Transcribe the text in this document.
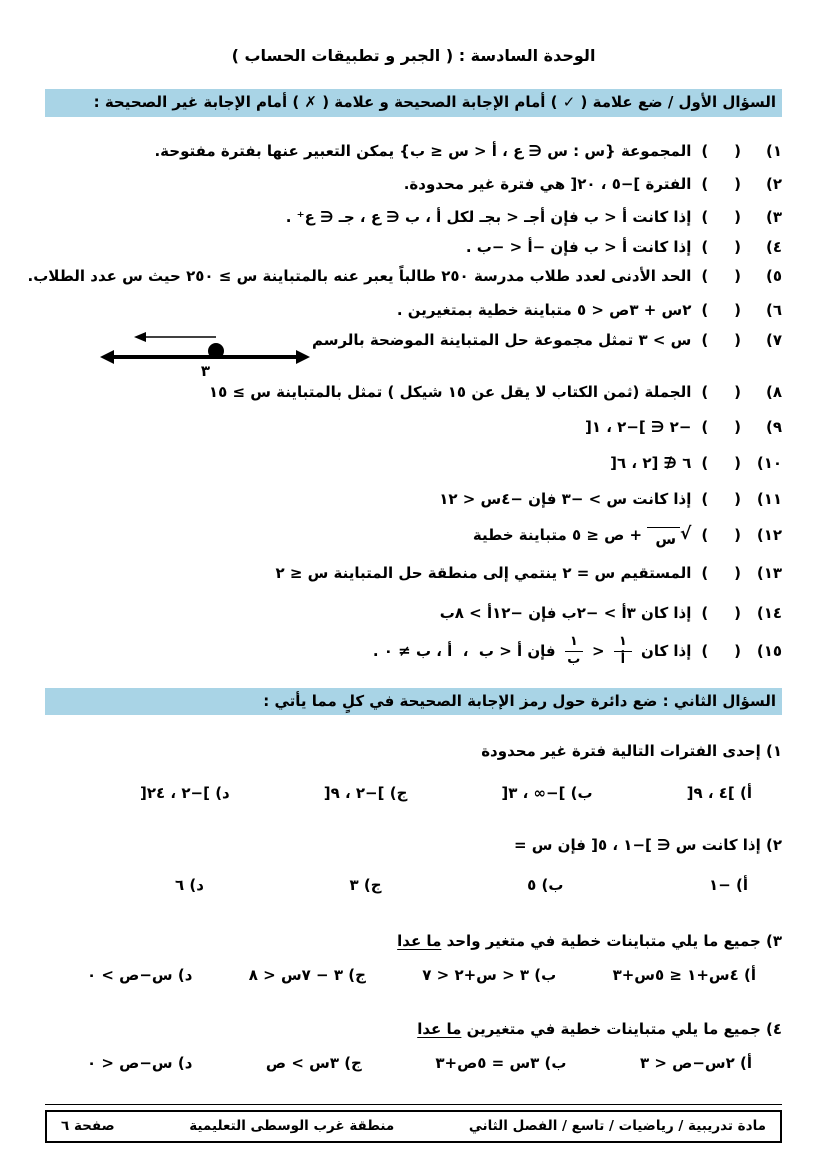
الوحدة السادسة : ( الجبر و تطبيقات الحساب )
السؤال الأول / ضع علامة ( ✓ ) أمام الإجابة الصحيحة و علامة ( ✗ ) أمام الإجابة غير الصحيحة :
١)
(    )
المجموعة {س : س ∈ ع ، أ < س ≤ ب} يمكن التعبير عنها بفترة مفتوحة.
٢)
(    )
الفترة ]−٥ ، ٢٠[ هي فترة غير محدودة.
٣)
(    )
إذا كانت أ < ب فإن أجـ < بجـ لكل أ ، ب ∈ ع ، جـ ∈ ع⁺ .
٤)
(    )
إذا كانت أ < ب فإن −أ < −ب .
٥)
(    )
الحد الأدنى لعدد طلاب مدرسة ٢٥٠ طالباً يعبر عنه بالمتباينة س ≥ ٢٥٠ حيث س عدد الطلاب.
٦)
(    )
٢س + ٣ص < ٥ متباينة خطية بمتغيرين .
٧)
(    )
س > ٣ تمثل مجموعة حل المتباينة الموضحة بالرسم
٣
٨)
(    )
الجملة (ثمن الكتاب لا يقل عن ١٥ شيكل ) تمثل بالمتباينة س ≥ ١٥
٩)
(    )
−٢ ∈ ]−٢ ، ١[
١٠)
(    )
٦ ∉ [٢ ، ٦[
١١)
(    )
إذا كانت س > −٣ فإن −٤س < ١٢
١٢)
(    )
√
س
+ ص ≤ ٥ متباينة خطية
١٣)
(    )
المستقيم س = ٢ ينتمي إلى منطقة حل المتباينة س ≤ ٢
١٤)
(    )
إذا كان ٣أ > −٢ب فإن −١٢أ > ٨ب
١٥)
(    )
إذا كان
$\frac{١}{\text{أ}}$
<
$\frac{١}{\text{ب}}$
فإن أ < ب  ،  أ ، ب ≠ ٠ .
السؤال الثاني : ضع دائرة حول رمز الإجابة الصحيحة في كلٍ مما يأتي :
١) إحدى الفترات التالية فترة غير محدودة
أ) ]٤ ، ٩[
ب) ]−∞ ، ٣[
ج) ]−٢ ، ٩[
د) ]−٢ ، ٢٤[
٢) إذا كانت س ∈ ]−١ ، ٥[ فإن س =
أ) −١
ب) ٥
ج) ٣
د) ٦
٣) جميع ما يلي متباينات خطية في متغير واحد ما عدا
أ) ٤س+١ ≤ ٥س+٣
ب) ٣ < س+٢ < ٧
ج) ٣ − ٧س < ٨
د) س−ص > ٠
٤) جميع ما يلي متباينات خطية في متغيرين ما عدا
أ) ٢س−ص < ٣
ب) ٣س = ٥ص+٣
ج) ٣س > ص
د) س−ص < ٠
مادة تدريبية / رياضيات / تاسع / الفصل الثاني
منطقة غرب الوسطى التعليمية
صفحة ٦
